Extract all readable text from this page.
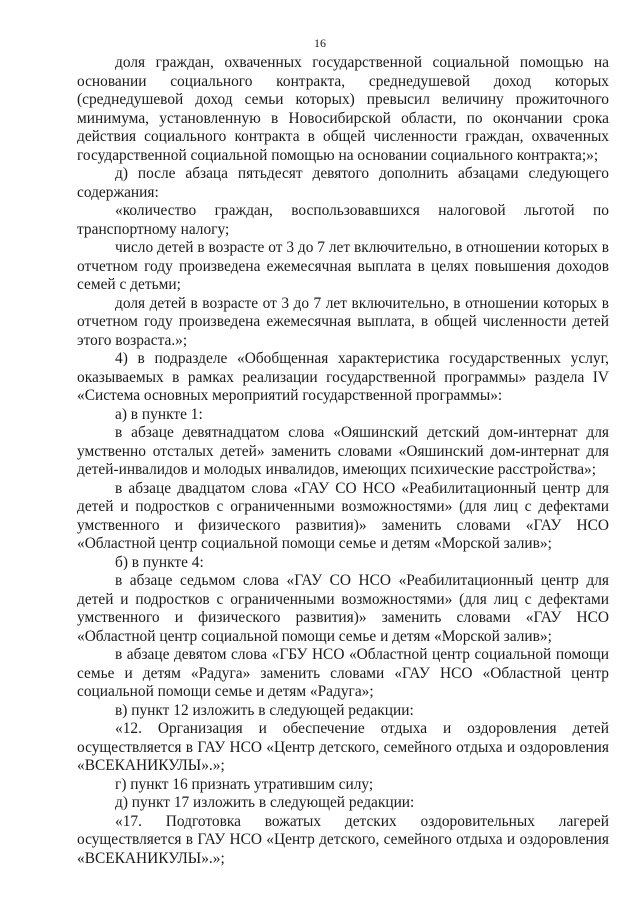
16

доля граждан, охваченных государственной социальной помощью на основании социального контракта, среднедушевой доход которых (среднедушевой доход семьи которых) превысил величину прожиточного минимума, установленную в Новосибирской области, по окончании срока действия социального контракта в общей численности граждан, охваченных государственной социальной помощью на основании социального контракта;»;

д) после абзаца пятьдесят девятого дополнить абзацами следующего содержания:

«количество граждан, воспользовавшихся налоговой льготой по транспортному налогу;

число детей в возрасте от 3 до 7 лет включительно, в отношении которых в отчетном году произведена ежемесячная выплата в целях повышения доходов семей с детьми;

доля детей в возрасте от 3 до 7 лет включительно, в отношении которых в отчетном году произведена ежемесячная выплата, в общей численности детей этого возраста.»;

4) в подразделе «Обобщенная характеристика государственных услуг, оказываемых в рамках реализации государственной программы» раздела IV «Система основных мероприятий государственной программы»:

а) в пункте 1:

в абзаце девятнадцатом слова «Ояшинский детский дом-интернат для умственно отсталых детей» заменить словами «Ояшинский дом-интернат для детей-инвалидов и молодых инвалидов, имеющих психические расстройства»;

в абзаце двадцатом слова «ГАУ СО НСО «Реабилитационный центр для детей и подростков с ограниченными возможностями» (для лиц с дефектами умственного и физического развития)» заменить словами «ГАУ НСО «Областной центр социальной помощи семье и детям «Морской залив»;

б) в пункте 4:

в абзаце седьмом слова «ГАУ СО НСО «Реабилитационный центр для детей и подростков с ограниченными возможностями» (для лиц с дефектами умственного и физического развития)» заменить словами «ГАУ НСО «Областной центр социальной помощи семье и детям «Морской залив»;

в абзаце девятом слова «ГБУ НСО «Областной центр социальной помощи семье и детям «Радуга» заменить словами «ГАУ НСО «Областной центр социальной помощи семье и детям «Радуга»;

в) пункт 12 изложить в следующей редакции:

«12. Организация и обеспечение отдыха и оздоровления детей осуществляется в ГАУ НСО «Центр детского, семейного отдыха и оздоровления «ВСЕКАНИКУЛЫ».»;

г) пункт 16 признать утратившим силу;

д) пункт 17 изложить в следующей редакции:

«17. Подготовка вожатых детских оздоровительных лагерей осуществляется в ГАУ НСО «Центр детского, семейного отдыха и оздоровления «ВСЕКАНИКУЛЫ».»;
